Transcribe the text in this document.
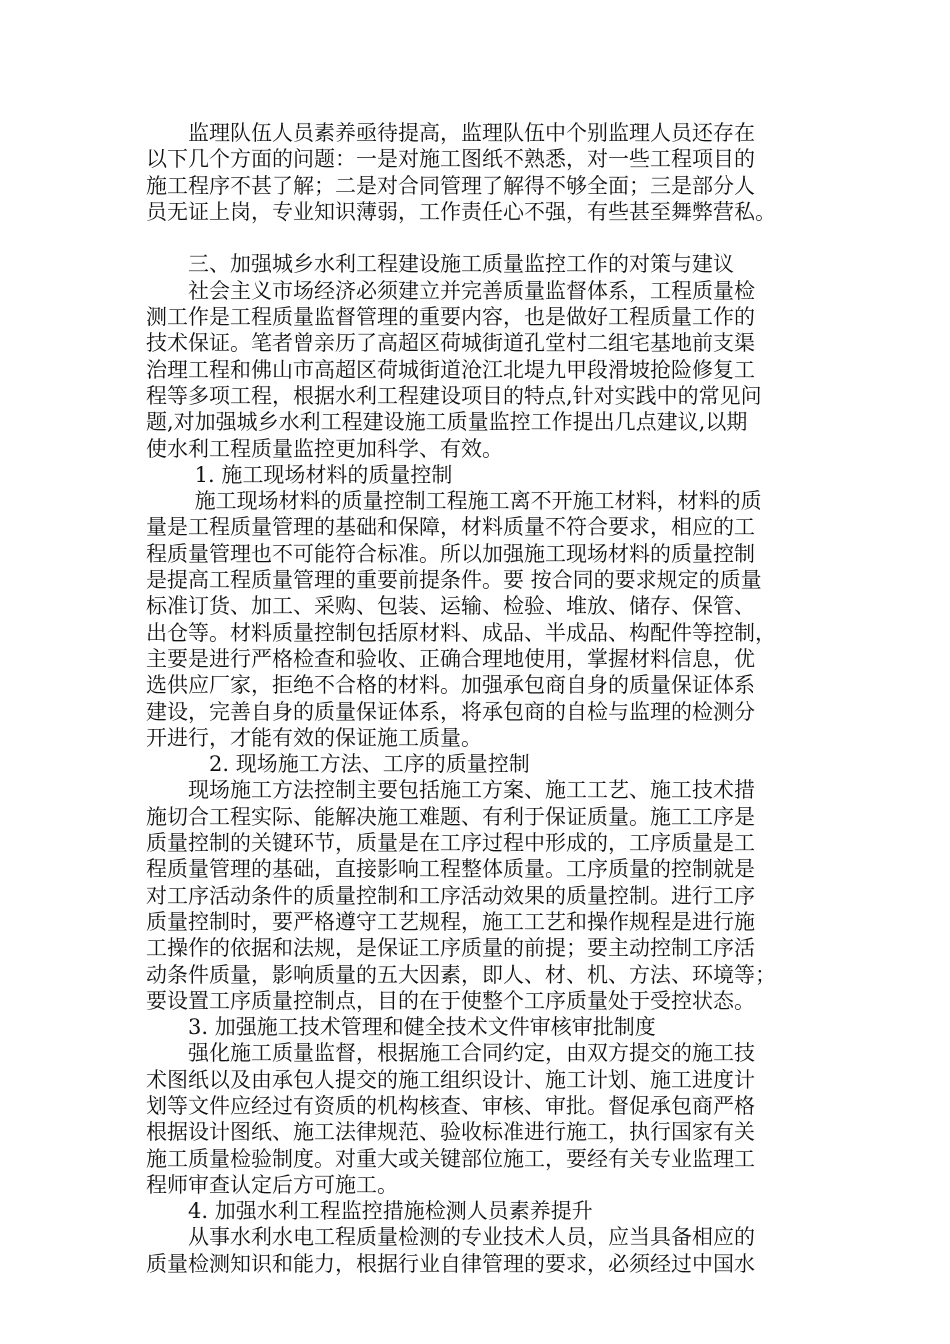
　　监理队伍人员素养亟待提高，监理队伍中个别监理人员还存在
以下几个方面的问题：一是对施工图纸不熟悉，对一些工程项目的
施工程序不甚了解；二是对合同管理了解得不够全面；三是部分人
员无证上岗，专业知识薄弱，工作责任心不强，有些甚至舞弊营私。
　　三、加强城乡水利工程建设施工质量监控工作的对策与建议
　　社会主义市场经济必须建立并完善质量监督体系，工程质量检
测工作是工程质量监督管理的重要内容，也是做好工程质量工作的
技术保证。笔者曾亲历了高超区荷城街道孔堂村二组宅基地前支渠
治理工程和佛山市高超区荷城街道沧江北堤九甲段滑坡抢险修复工
程等多项工程，根据水利工程建设项目的特点,针对实践中的常见问
题,对加强城乡水利工程建设施工质量监控工作提出几点建议,以期
使水利工程质量监控更加科学、有效。
　　 1. 施工现场材料的质量控制
　　 施工现场材料的质量控制工程施工离不开施工材料，材料的质
量是工程质量管理的基础和保障，材料质量不符合要求，相应的工
程质量管理也不可能符合标准。所以加强施工现场材料的质量控制
是提高工程质量管理的重要前提条件。要 按合同的要求规定的质量
标准订货、加工、采购、包装、运输、检验、堆放、储存、保管、
出仓等。材料质量控制包括原材料、成品、半成品、构配件等控制，
主要是进行严格检查和验收、正确合理地使用，掌握材料信息，优
选供应厂家，拒绝不合格的材料。加强承包商自身的质量保证体系
建设，完善自身的质量保证体系，将承包商的自检与监理的检测分
开进行，才能有效的保证施工质量。
　　　2. 现场施工方法、工序的质量控制
　　现场施工方法控制主要包括施工方案、施工工艺、施工技术措
施切合工程实际、能解决施工难题、有利于保证质量。施工工序是
质量控制的关键环节，质量是在工序过程中形成的，工序质量是工
程质量管理的基础，直接影响工程整体质量。工序质量的控制就是
对工序活动条件的质量控制和工序活动效果的质量控制。进行工序
质量控制时，要严格遵守工艺规程，施工工艺和操作规程是进行施
工操作的依据和法规，是保证工序质量的前提；要主动控制工序活
动条件质量，影响质量的五大因素，即人、材、机、方法、环境等；
要设置工序质量控制点，目的在于使整个工序质量处于受控状态。
　　3. 加强施工技术管理和健全技术文件审核审批制度
　　强化施工质量监督，根据施工合同约定，由双方提交的施工技
术图纸以及由承包人提交的施工组织设计、施工计划、施工进度计
划等文件应经过有资质的机构核查、审核、审批。督促承包商严格
根据设计图纸、施工法律规范、验收标准进行施工，执行国家有关
施工质量检验制度。对重大或关键部位施工，要经有关专业监理工
程师审查认定后方可施工。
　　4. 加强水利工程监控措施检测人员素养提升
　　从事水利水电工程质量检测的专业技术人员，应当具备相应的
质量检测知识和能力，根据行业自律管理的要求，必须经过中国水
